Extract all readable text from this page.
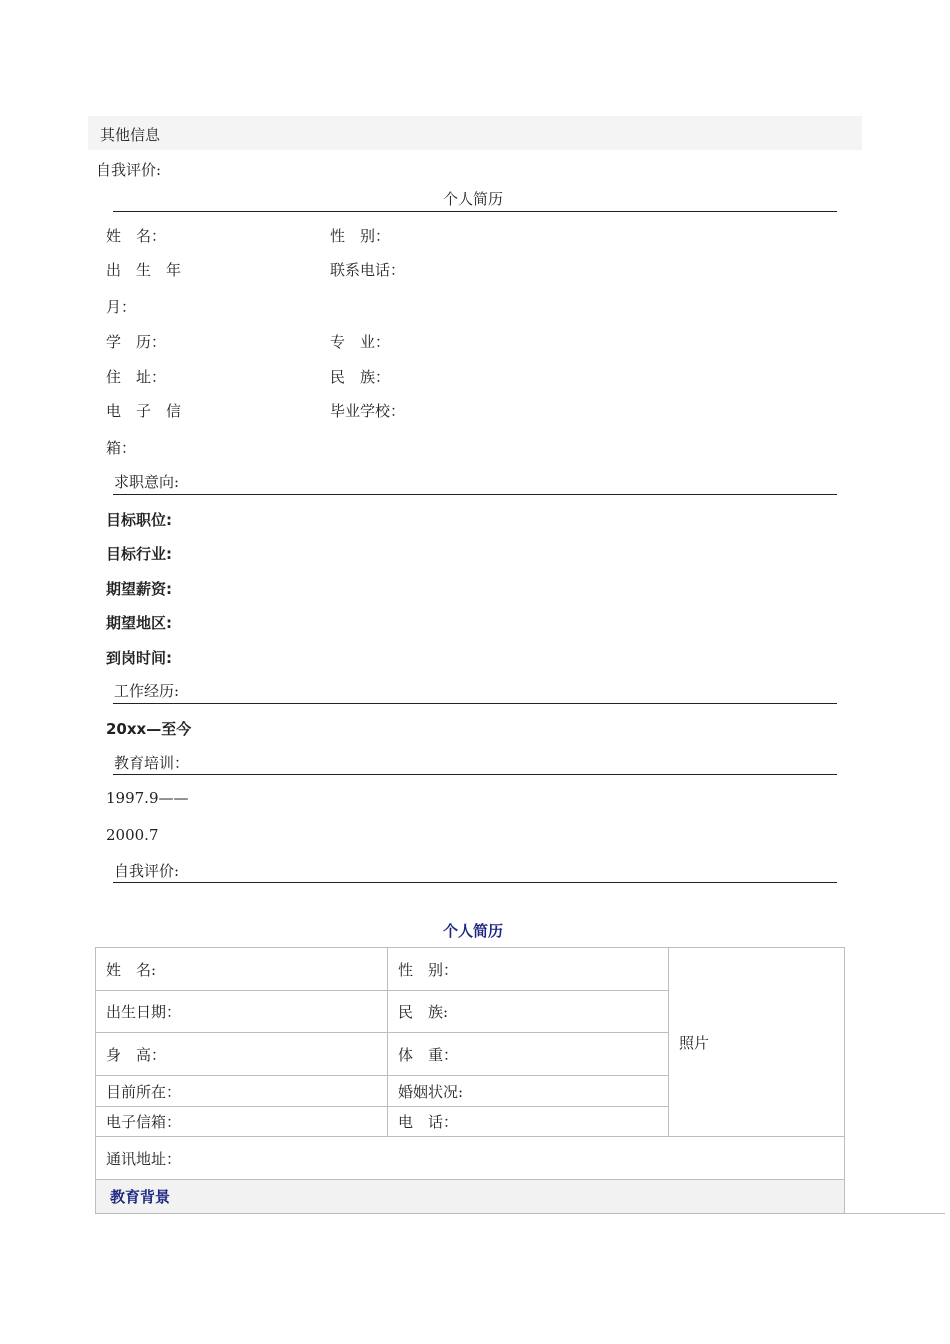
其他信息
自我评价:
个人简历
姓　名：	性　别：
出　生　年	联系电话：
月：
学　历：	专　业：
住　址：	民　族：
电　子　信	毕业学校：
箱：
求职意向:
目标职位:
目标行业:
期望薪资:
期望地区:
到岗时间:
工作经历:
20xx—至今
教育培训：
1997.9——
2000.7
自我评价:
个人简历
姓　名:	性　别：	照片
出生日期：	民　族:	
身　高：	体　重：	
目前所在：	婚姻状况:	
电子信箱：	电　话：	
通讯地址：		
教育背景		
